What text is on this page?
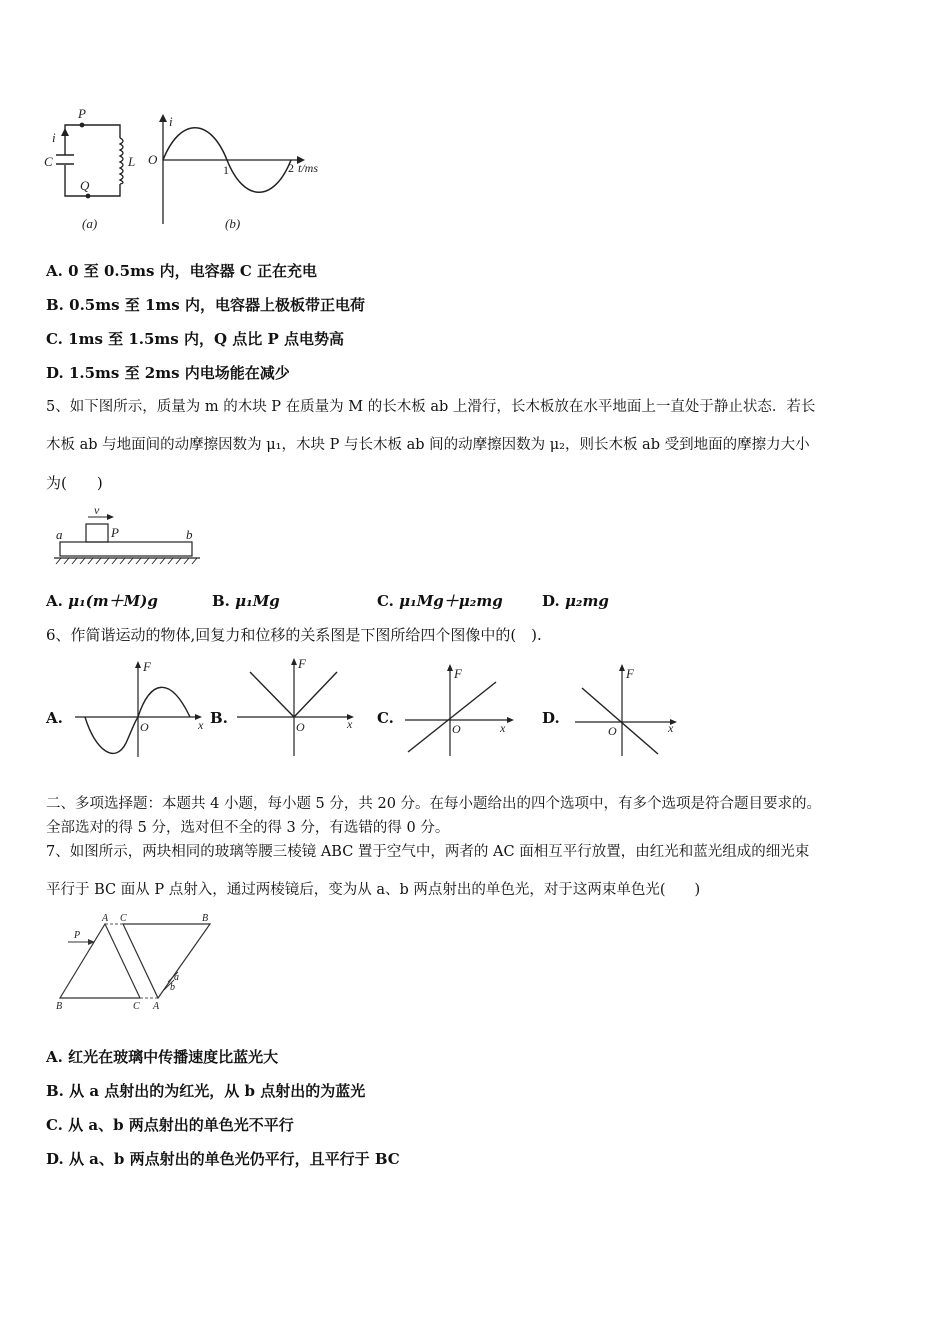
P
i
C	L
Q
(a)
i
O
1	2 t/ms
(b)
A. 0 至 0.5ms 内，电容器 C 正在充电
B. 0.5ms 至 1ms 内，电容器上极板带正电荷
C. 1ms 至 1.5ms 内，Q 点比 P 点电势高
D. 1.5ms 至 2ms 内电场能在减少
5、如下图所示，质量为 m 的木块 P 在质量为 M 的长木板 ab 上滑行，长木板放在水平地面上一直处于静止状态．若长
木板 ab 与地面间的动摩擦因数为 μ₁，木块 P 与长木板 ab 间的动摩擦因数为 μ₂，则长木板 ab 受到地面的摩擦力大小
为(　　)
a	b
v
P
A. μ₁(m＋M)g	B. μ₁Mg	C. μ₁Mg＋μ₂mg	D. μ₂mg
6、作简谐运动的物体,回复力和位移的关系图是下图所给四个图像中的(　).
A.
F
O	x B.
F
O	x C.
F
O	x
D.
F
O	x
二、多项选择题：本题共 4 小题，每小题 5 分，共 20 分。在每小题给出的四个选项中，有多个选项是符合题目要求的。
全部选对的得 5 分，选对但不全的得 3 分，有选错的得 0 分。
7、如图所示，两块相同的玻璃等腰三棱镜 ABC 置于空气中，两者的 AC 面相互平行放置，由红光和蓝光组成的细光束
平行于 BC 面从 P 点射入，通过两棱镜后，变为从 a、b 两点射出的单色光，对于这两束单色光(　　)
A
B	C
P
C	B
A
a
b
A. 红光在玻璃中传播速度比蓝光大
B. 从 a 点射出的为红光，从 b 点射出的为蓝光
C. 从 a、b 两点射出的单色光不平行
D. 从 a、b 两点射出的单色光仍平行，且平行于 BC
